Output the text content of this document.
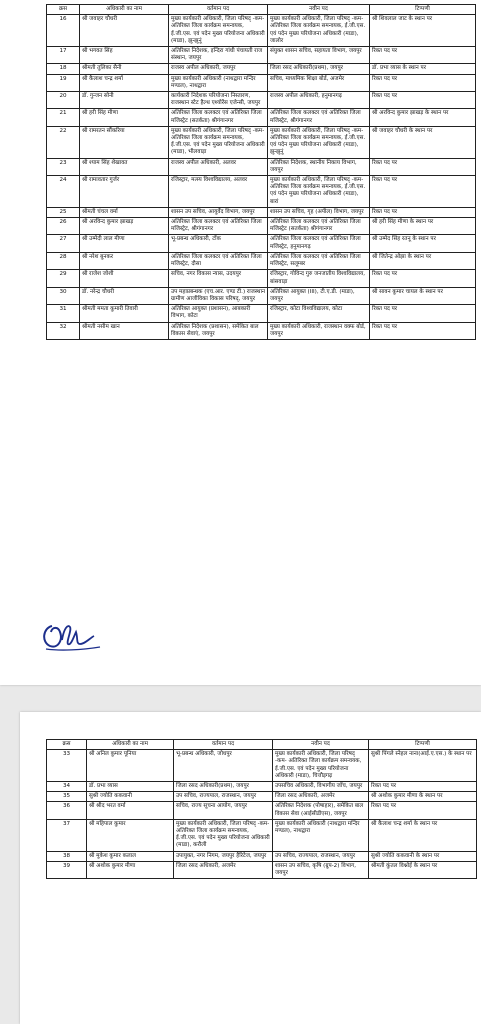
क्रस	अधिकारी का नाम	वर्तमान पद	नवीन पद	टिप्पणी
16	श्री जवाहर चौधरी	मुख्य कार्यकारी अधिकारी, जिला परिषद् -कम- अतिरिक्त जिला कार्यक्रम समन्वयक, ई.जी.एस. एवं पदेन मुख्य परियोजना अधिकारी (माडा), झुन्झुनूं	मुख्य कार्यकारी अधिकारी, जिला परिषद् -कम- अतिरिक्त जिला कार्यक्रम समन्वयक, ई.जी.एस. एवं पदेन मुख्य परियोजना अधिकारी (माडा), जालोर	श्री शिवलाल जाट के स्थान पर
17	श्री भगवत सिंह	अतिरिक्त निदेशक, इन्दिरा गांधी पंचायती राज संस्थान, जयपुर	संयुक्त शासन सचिव, सहायता विभाग, जयपुर	रिक्त पद पर
18	श्रीमती तुलिका सैनी	राजस्व अपील अधिकारी, जयपुर	जिला रसद अधिकारी(प्रथम), जयपुर	डॉ. प्रभा व्यास के स्थान पर
19	श्री कैलाश चन्द्र शर्मा	मुख्य कार्यकारी अधिकारी (नाथद्वारा मन्दिर मण्डल), नाथद्वारा	सचिव, माध्यमिक शिक्षा बोर्ड, अजमेर	रिक्त पद पर
20	डॉ. गुन्जन सोनी	कार्यकारी निदेशक परियोजना निस्तारण, राजस्थान स्टेट हैल्थ एश्योरेंस एजेन्सी, जयपुर	राजस्व अपील अधिकारी, हनुमानगढ़	रिक्त पद पर
21	श्री हरी सिंह मीणा	अतिरिक्त जिला कलक्टर एवं अतिरिक्त जिला मजिस्ट्रेट (सतर्कता) श्रीगंगानगर	अतिरिक्त जिला कलक्टर एवं अतिरिक्त जिला मजिस्ट्रेट, श्रीगंगानगर	श्री अरविन्द कुमार झाखड़ के स्थान पर
22	श्री रामरतन सौंकरिया	मुख्य कार्यकारी अधिकारी, जिला परिषद् -कम- अतिरिक्त जिला कार्यक्रम समन्वयक, ई.जी.एस. एवं पदेन मुख्य परियोजना अधिकारी (माडा), भीलवाड़ा	मुख्य कार्यकारी अधिकारी, जिला परिषद् -कम- अतिरिक्त जिला कार्यक्रम समन्वयक, ई.जी.एस. एवं पदेन मुख्य परियोजना अधिकारी (माडा), झुन्झुनूं	श्री जवाहर चौधरी के स्थान पर
23	श्री श्याम सिंह शेखावत	राजस्व अपील अधिकारी, अलवर	अतिरिक्त निदेशक, स्थानीय निकाय विभाग, जयपुर	रिक्त पद पर
24	श्री रामावतार गुर्जर	रजिस्ट्रार, मत्स्य विश्वविद्यालय, अलवर	मुख्य कार्यकारी अधिकारी, जिला परिषद् -कम- अतिरिक्त जिला कार्यक्रम समन्वयक, ई.जी.एस. एवं पदेन मुख्य परियोजना अधिकारी (माडा), बारां	रिक्त पद पर
25	श्रीमती चंचल वर्मा	शासन उप सचिव, आयुर्वेद विभाग, जयपुर	शासन उप सचिव, गृह (अपील) विभाग, जयपुर	रिक्त पद पर
26	श्री अरविन्द कुमार झाखड़	अतिरिक्त जिला कलक्टर एवं अतिरिक्त जिला मजिस्ट्रेट, श्रीगंगानगर	अतिरिक्त जिला कलक्टर एवं अतिरिक्त जिला मजिस्ट्रेट (सतर्कता) श्रीगंगानगर	श्री हरी सिंह मीणा के स्थान पर
27	श्री उम्मेदी लाल मीणा	भू-प्रबन्ध अधिकारी, टोंक	अतिरिक्त जिला कलक्टर एवं अतिरिक्त जिला मजिस्ट्रेट, हनुमानगढ़	श्री उम्मेद सिंह रतनू के स्थान पर
28	श्री नरेश बुनकर	अतिरिक्त जिला कलक्टर एवं अतिरिक्त जिला मजिस्ट्रेट, दौसा	अतिरिक्त जिला कलक्टर एवं अतिरिक्त जिला मजिस्ट्रेट, सलूम्बर	श्री जितेन्द्र ओझा के स्थान पर
29	श्री राजेश जोशी	सचिव, नगर विकास न्यास, उदयपुर	रजिस्ट्रार, गोविन्द गुरु जनजातीय विश्वविद्यालय, बांसवाड़ा	रिक्त पद पर
30	डॉ. नरेन्द्र चौधरी	उप महाप्रबन्धक (एच.आर. एण्ड टी.) राजस्थान ग्रामीण आजीविका विकास परिषद्, जयपुर	अतिरिक्त आयुक्त (III), टी.ए.डी. (माडा), जयपुर	श्री सावन कुमार चायल के स्थान पर
31	श्रीमती ममता कुमारी तिवारी	अतिरिक्त आयुक्त (प्रशासन), आबकारी विभाग, कोटा	रजिस्ट्रार, कोटा विश्वविद्यालय, कोटा	रिक्त पद पर
32	श्रीमती नसीम खान	अतिरिक्त निदेशक (प्रशासन), समेकित बाल विकास सेवाएं, जयपुर	मुख्य कार्यकारी अधिकारी, राजस्थान वक्फ बोर्ड, जयपुर	रिक्त पद पर
क्रस	अधिकारी का नाम	वर्तमान पद	नवीन पद	टिप्पणी
33	श्री अनिल कुमार पूनिया	भू-प्रबन्ध अधिकारी, जोधपुर	मुख्य कार्यकारी अधिकारी, जिला परिषद् -कम- अतिरिक्त जिला कार्यक्रम समन्वयक, ई.जी.एस. एवं पदेन मुख्य परियोजना अधिकारी (माडा), चित्तौड़गढ़	सुश्री पिंगले स्नेहल नाना(आई.ए.एस.) के स्थान पर
34	डॉ. प्रभा व्यास	जिला रसद अधिकारी(प्रथम), जयपुर	उपसचिव अधिकारी, विभागीय जाँच, जयपुर	रिक्त पद पर
35	सुश्री ज्योति ककवानी	उप सचिव, राज्यपाल, राजस्थान, जयपुर	जिला रसद अधिकारी, अजमेर	श्री अशोक कुमार मीणा के स्थान पर
36	श्री श्रीद भरत वर्मा	सचिव, राज्य सूचना आयोग, जयपुर	अतिरिक्त निदेशक (पोषाहार), समेकित बाल विकास सेवा (आईसीडीएस), जयपुर	रिक्त पद पर
37	श्री महिपाल कुमार	मुख्य कार्यकारी अधिकारी, जिला परिषद् -कम- अतिरिक्त जिला कार्यक्रम समन्वयक, ई.जी.एस. एवं पदेन मुख्य परियोजना अधिकारी (माडा), करौली	मुख्य कार्यकारी अधिकारी (नाथद्वारा मन्दिर मण्डल), नाथद्वारा	श्री कैलाश चन्द्र शर्मा के स्थान पर
38	श्री मुकेश कुमार कलाल	उपायुक्त, नगर निगम, जयपुर हैरिटेज, जयपुर	उप सचिव, राज्यपाल, राजस्थान, जयपुर	सुश्री ज्योति ककवानी के स्थान पर
39	श्री अशोक कुमार मीणा	जिला रसद अधिकारी, अजमेर	शासन उप सचिव, कृषि (ग्रुप-2) विभाग, जयपुर	श्रीमती कुंतल विश्नोई के स्थान पर
